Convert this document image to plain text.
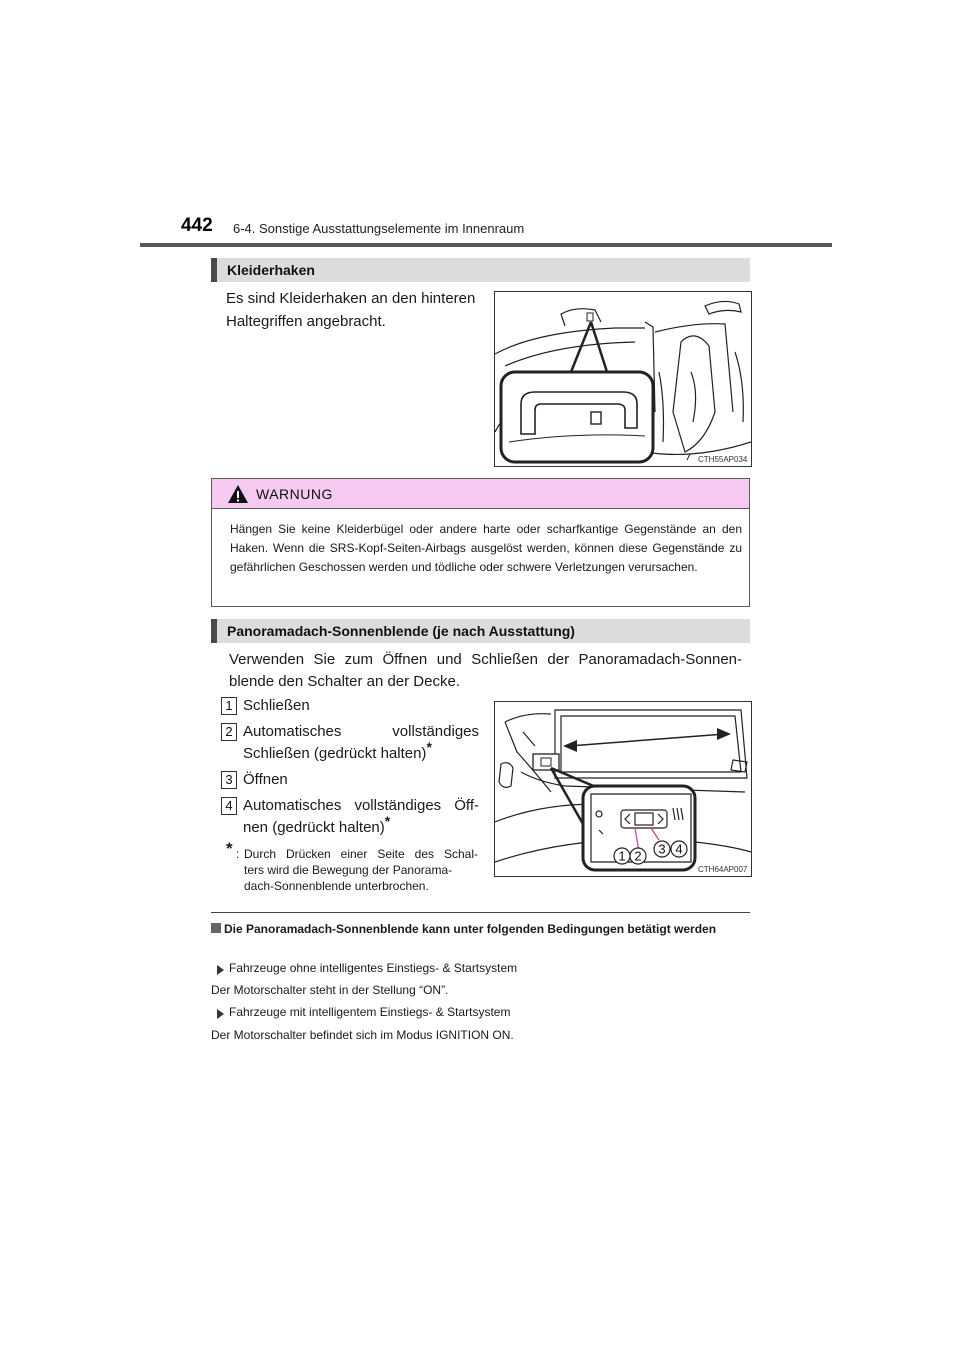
442 6-4. Sonstige Ausstattungselemente im Innenraum
Kleiderhaken
Es sind Kleiderhaken an den hinteren
Haltegriffen angebracht.
CTH55AP034
WARNUNG
Hängen Sie keine Kleiderbügel oder andere harte oder scharfkantige Gegenstände an den Haken. Wenn die SRS-Kopf-Seiten-Airbags ausgelöst werden, können diese Gegenstände zu gefährlichen Geschossen werden und tödliche oder schwere Verletzungen verursachen.
Panoramadach-Sonnenblende (je nach Ausstattung)
Verwenden Sie zum Öffnen und Schließen der Panoramadach-Sonnen-
blende den Schalter an der Decke.
1 Schließen
2 Automatisches vollständiges
Schließen (gedrückt halten)*
3 Öffnen
4 Automatisches vollständiges Öff-
nen (gedrückt halten)*
* : Durch Drücken einer Seite des Schal-
ters wird die Bewegung der Panorama-
dach-Sonnenblende unterbrochen.
1 2 3 4
CTH64AP007
Die Panoramadach-Sonnenblende kann unter folgenden Bedingungen betätigt werden
Fahrzeuge ohne intelligentes Einstiegs- & Startsystem
Der Motorschalter steht in der Stellung “ON”.
Fahrzeuge mit intelligentem Einstiegs- & Startsystem
Der Motorschalter befindet sich im Modus IGNITION ON.
